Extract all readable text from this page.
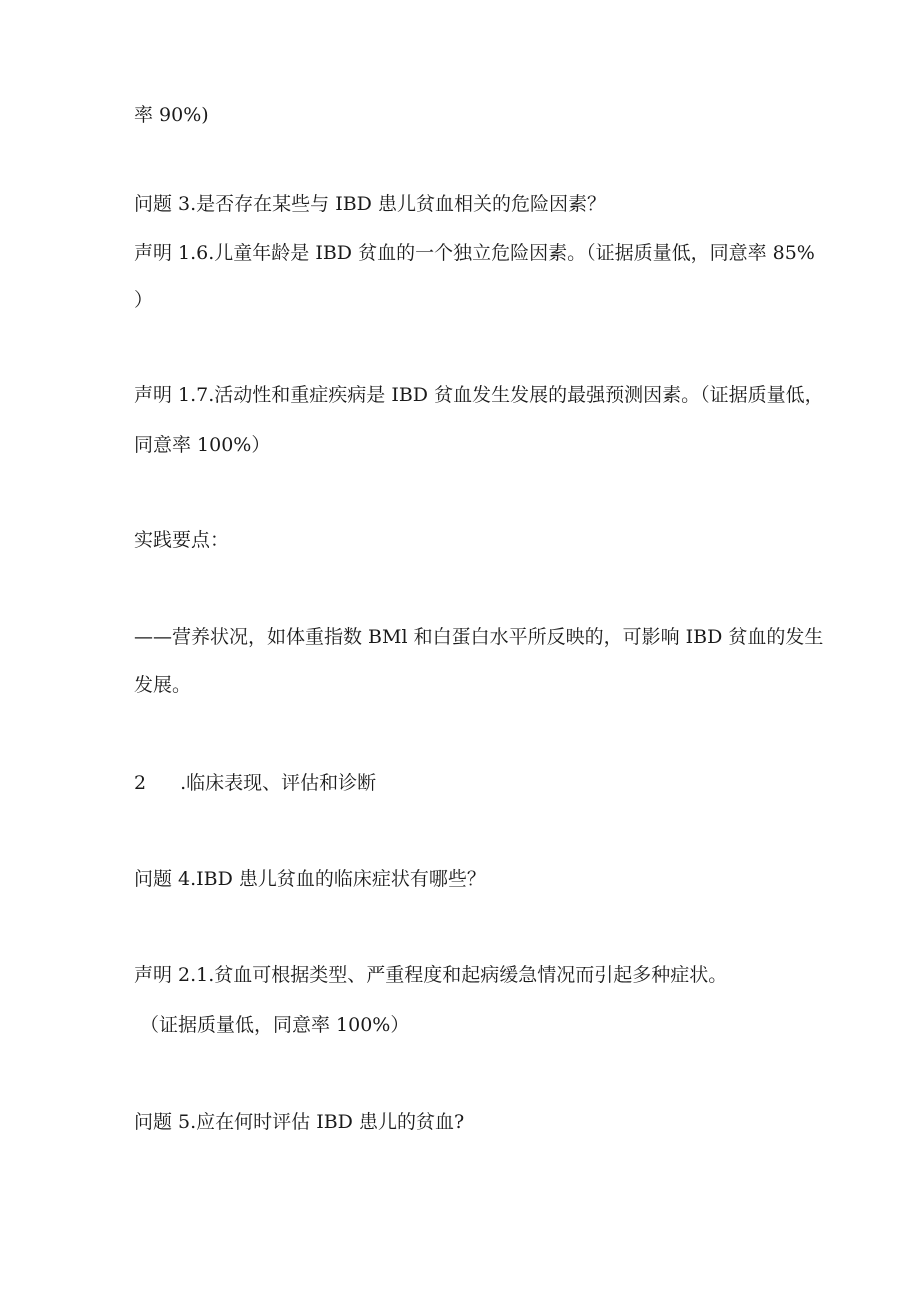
率 90%)

问题 3.是否存在某些与 IBD 患儿贫血相关的危险因素？

声明 1.6.儿童年龄是 IBD 贫血的一个独立危险因素。（证据质量低，同意率 85%

）

声明 1.7.活动性和重症疾病是 IBD 贫血发生发展的最强预测因素。（证据质量低，

同意率 100%）

实践要点：

——营养状况，如体重指数 BMl 和白蛋白水平所反映的，可影响 IBD 贫血的发生

发展。

2 .临床表现、评估和诊断

问题 4.IBD 患儿贫血的临床症状有哪些？

声明 2.1.贫血可根据类型、严重程度和起病缓急情况而引起多种症状。

（证据质量低，同意率 100%）

问题 5.应在何时评估 IBD 患儿的贫血?
